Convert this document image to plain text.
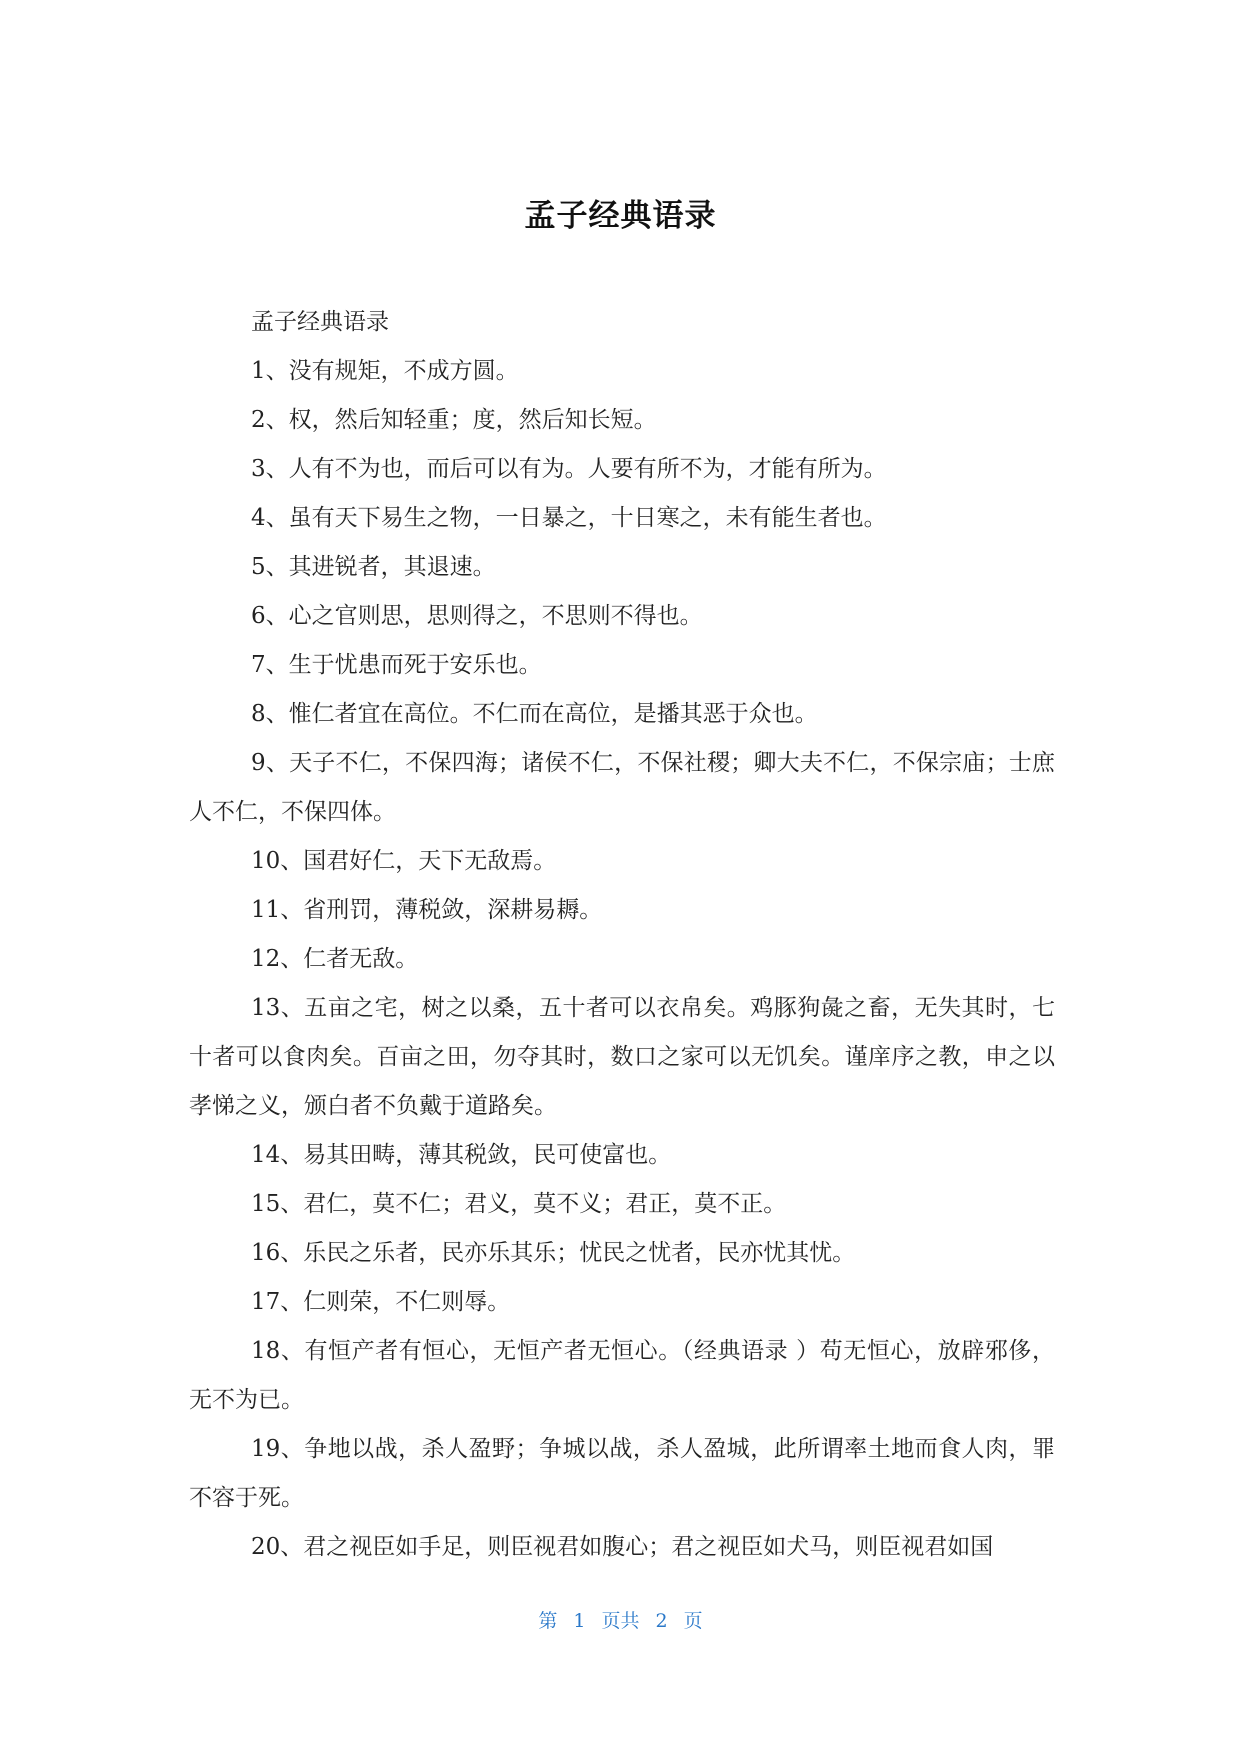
孟子经典语录

孟子经典语录

1、没有规矩，不成方圆。

2、权，然后知轻重；度，然后知长短。

3、人有不为也，而后可以有为。人要有所不为，才能有所为。

4、虽有天下易生之物，一日暴之，十日寒之，未有能生者也。

5、其进锐者，其退速。

6、心之官则思，思则得之，不思则不得也。

7、生于忧患而死于安乐也。

8、惟仁者宜在高位。不仁而在高位，是播其恶于众也。

9、天子不仁，不保四海；诸侯不仁，不保社稷；卿大夫不仁，不保宗庙；士庶人不仁，不保四体。

10、国君好仁，天下无敌焉。

11、省刑罚，薄税敛，深耕易耨。

12、仁者无敌。

13、五亩之宅，树之以桑，五十者可以衣帛矣。鸡豚狗彘之畜，无失其时，七十者可以食肉矣。百亩之田，勿夺其时，数口之家可以无饥矣。谨庠序之教，申之以孝悌之义，颁白者不负戴于道路矣。

14、易其田畴，薄其税敛，民可使富也。

15、君仁，莫不仁；君义，莫不义；君正，莫不正。

16、乐民之乐者，民亦乐其乐；忧民之忧者，民亦忧其忧。

17、仁则荣，不仁则辱。

18、有恒产者有恒心，无恒产者无恒心。（经典语录 ）苟无恒心，放辟邪侈，无不为已。

19、争地以战，杀人盈野；争城以战，杀人盈城，此所谓率土地而食人肉，罪不容于死。

20、君之视臣如手足，则臣视君如腹心；君之视臣如犬马，则臣视君如国

第 1 页共 2 页
